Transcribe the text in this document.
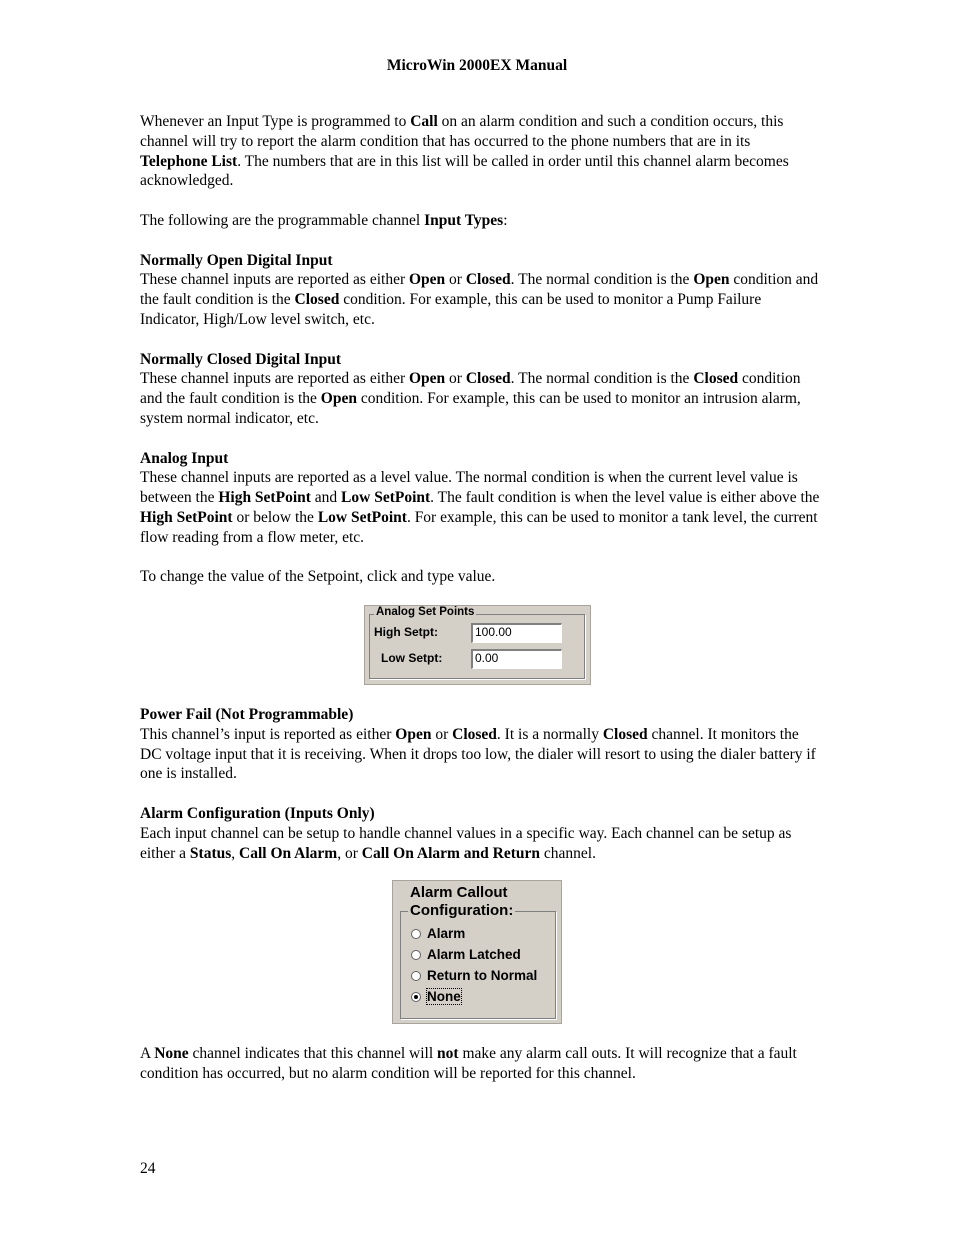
MicroWin 2000EX Manual

Whenever an Input Type is programmed to Call on an alarm condition and such a condition occurs, this channel will try to report the alarm condition that has occurred to the phone numbers that are in its Telephone List. The numbers that are in this list will be called in order until this channel alarm becomes acknowledged.

The following are the programmable channel Input Types:

Normally Open Digital Input

These channel inputs are reported as either Open or Closed. The normal condition is the Open condition and the fault condition is the Closed condition. For example, this can be used to monitor a Pump Failure Indicator, High/Low level switch, etc.

Normally Closed Digital Input

These channel inputs are reported as either Open or Closed. The normal condition is the Closed condition and the fault condition is the Open condition. For example, this can be used to monitor an intrusion alarm, system normal indicator, etc.

Analog Input

These channel inputs are reported as a level value. The normal condition is when the current level value is between the High SetPoint and Low SetPoint. The fault condition is when the level value is either above the High SetPoint or below the Low SetPoint. For example, this can be used to monitor a tank level, the current flow reading from a flow meter, etc.

To change the value of the Setpoint, click and type value.

Analog Set Points
High Setpt:	100.00
Low Setpt:	0.00

Power Fail (Not Programmable)

This channel’s input is reported as either Open or Closed. It is a normally Closed channel. It monitors the DC voltage input that it is receiving. When it drops too low, the dialer will resort to using the dialer battery if one is installed.

Alarm Configuration (Inputs Only)

Each input channel can be setup to handle channel values in a specific way. Each channel can be setup as either a Status, Call On Alarm, or Call On Alarm and Return channel.

Alarm Callout
Configuration:
Alarm
Alarm Latched
Return to Normal
None

A None channel indicates that this channel will not make any alarm call outs. It will recognize that a fault condition has occurred, but no alarm condition will be reported for this channel.

24
